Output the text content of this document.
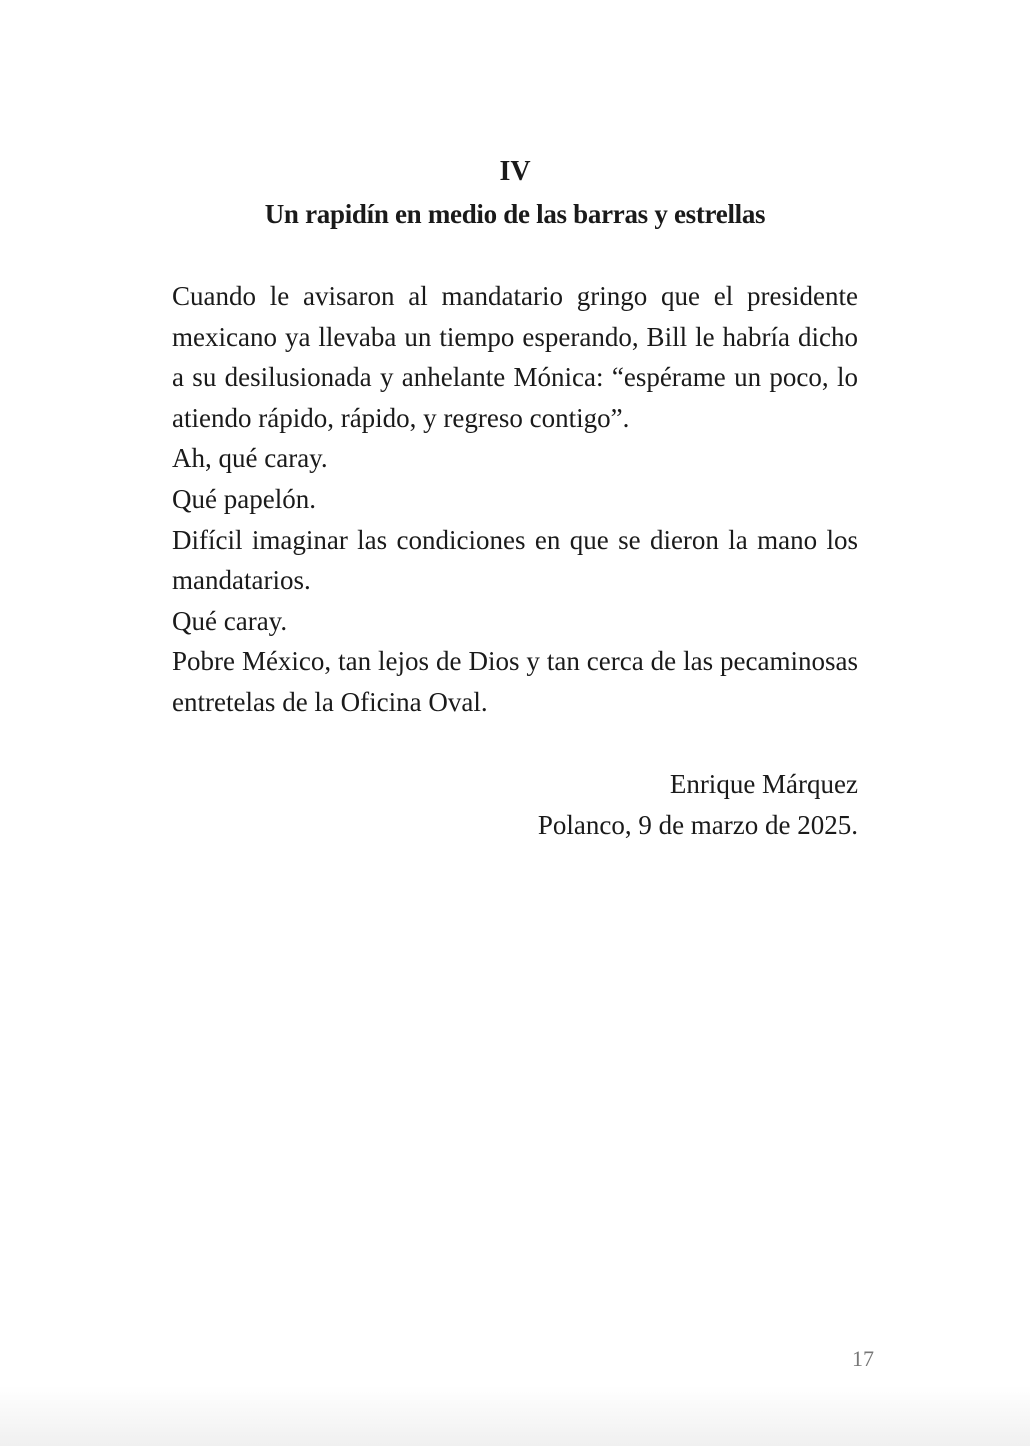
IV
Un rapidín en medio de las barras y estrellas

Cuando le avisaron al mandatario gringo que el presidente mexicano ya llevaba un tiempo esperando, Bill le habría dicho a su desilusionada y anhelante Mónica: “espérame un poco, lo atiendo rápido, rápido, y regreso contigo”.

Ah, qué caray.

Qué papelón.

Difícil imaginar las condiciones en que se dieron la mano los mandatarios.

Qué caray.

Pobre México, tan lejos de Dios y tan cerca de las pecaminosas entretelas de la Oficina Oval.

Enrique Márquez
Polanco, 9 de marzo de 2025.
17
